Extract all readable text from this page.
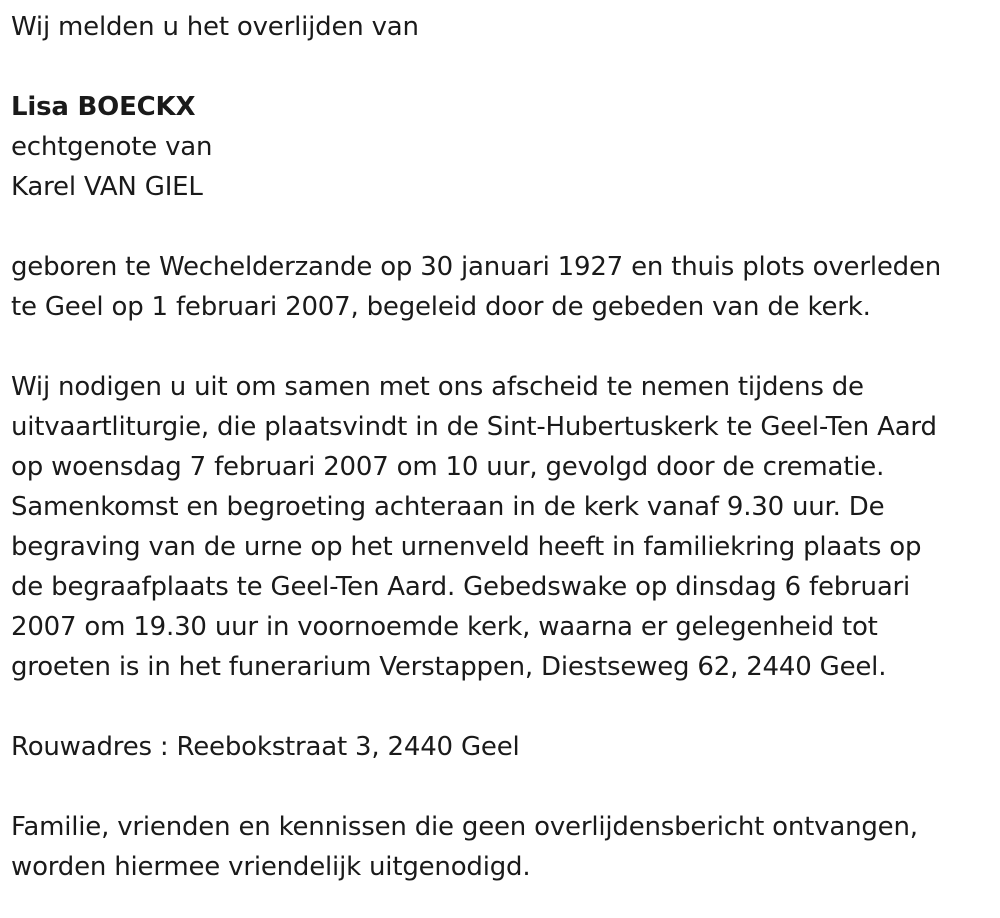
Wij melden u het overlijden van

Lisa BOECKX

echtgenote van

Karel VAN GIEL

geboren te Wechelderzande op 30 januari 1927 en thuis plots overleden
te Geel op 1 februari 2007, begeleid door de gebeden van de kerk.

Wij nodigen u uit om samen met ons afscheid te nemen tijdens de
uitvaartliturgie, die plaatsvindt in de Sint-Hubertuskerk te Geel-Ten Aard
op woensdag 7 februari 2007 om 10 uur, gevolgd door de crematie.
Samenkomst en begroeting achteraan in de kerk vanaf 9.30 uur. De
begraving van de urne op het urnenveld heeft in familiekring plaats op
de begraafplaats te Geel-Ten Aard. Gebedswake op dinsdag 6 februari
2007 om 19.30 uur in voornoemde kerk, waarna er gelegenheid tot
groeten is in het funerarium Verstappen, Diestseweg 62, 2440 Geel.

Rouwadres : Reebokstraat 3, 2440 Geel

Familie, vrienden en kennissen die geen overlijdensbericht ontvangen,
worden hiermee vriendelijk uitgenodigd.
